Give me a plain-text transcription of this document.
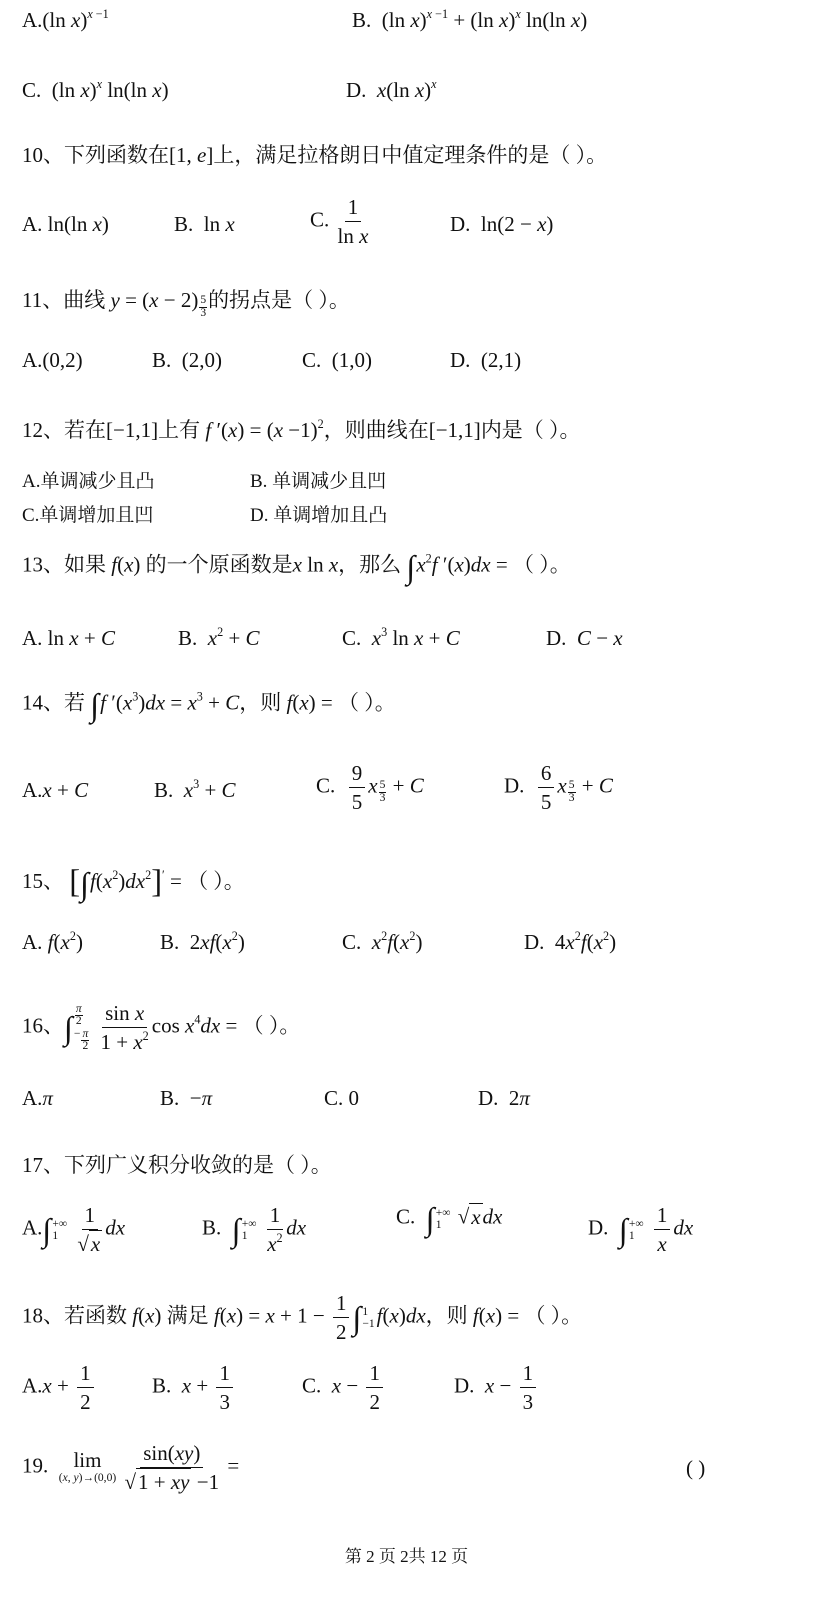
A.(ln x)$^{x -1}$	B.  (ln x)$^{x -1}$ + (ln x)$^x$ ln(ln x)
C.  (ln x)$^x$ ln(ln x)	D. x(ln x)$^x$
10、下列函数在[1, e]上，满足拉格朗日中值定理条件的是（ ）。
A. ln(ln x)	B.  ln x	C. $\frac{1}{\text{ln x}}$	D.  ln(2 − x)
11、曲线 $y = (x - 2) \frac{5}{3}$ 的拐点是（ ）。
A.(0,2)	B. (2,0)	C. (1,0)	D. (2,1)
12、若在[−1,1]上有 f $'(x) = (x -1)^2$，则曲线在[−1,1]内是（ ）。
A.单调减少且凸	B. 单调减少且凹
C.单调增加且凹	D. 单调增加且凸
13、如果 f(x) 的一个原函数是x ln x，那么 $\int x^2f$ ′(x)dx = （ ）。
A. ln x + C	B. $x^2 + C$	C. $x^3$ ln x + C	D. C − x
14、若 ∫f $'(x^3)dx = x^3 + C$，则 f(x) = （ ）。
A.x + C	B. $x^3 + C$	C. $\frac{9}{5}$ x $\frac{5}{3} + C$	D. $\frac{6}{5}$ x $\frac{5}{3} + C$
15、 $[\int f(x^2)dx^2]'$ = （ ）。
A. $f(x^2)$	B.  $2xf(x^2)$	C. $x^2f(x^2)$	D.  $4x^2f(x^2)$
16、∫ $\frac{\pi}{2}$
− $\frac{\pi}{2}$
$\frac{\text{sin x}}{1 + x^2}$ $\cos x^4dx$ = （ ）。
A.π	B.  −π	C. 0	D.  2π
17、下列广义积分收敛的是（ ）。
A.∫ +∞
1
$\frac{1}{√x}$ dx	B. ∫ +∞
1
$\frac{1}{x^2}$ dx	C. ∫ +∞
1 √xdx	D. ∫ +∞
1
$\frac{1}{x}$ dx
18、若函数 f(x) 满足 $f(x) = x + 1 - \frac{1}{2}$ ∫ 1
−1 f(x)dx，则 f(x) = （ ）。
$A.x + \frac{1}{2}$	B. $x + \frac{1}{3}$	C. $x - \frac{1}{2}$	D. $x - \frac{1}{3}$
19. lim
(x, y)→(0,0)
$\frac{\sin(xy)}{√1 + xy -1}$ =	( )
第 2 页 2共 12 页
